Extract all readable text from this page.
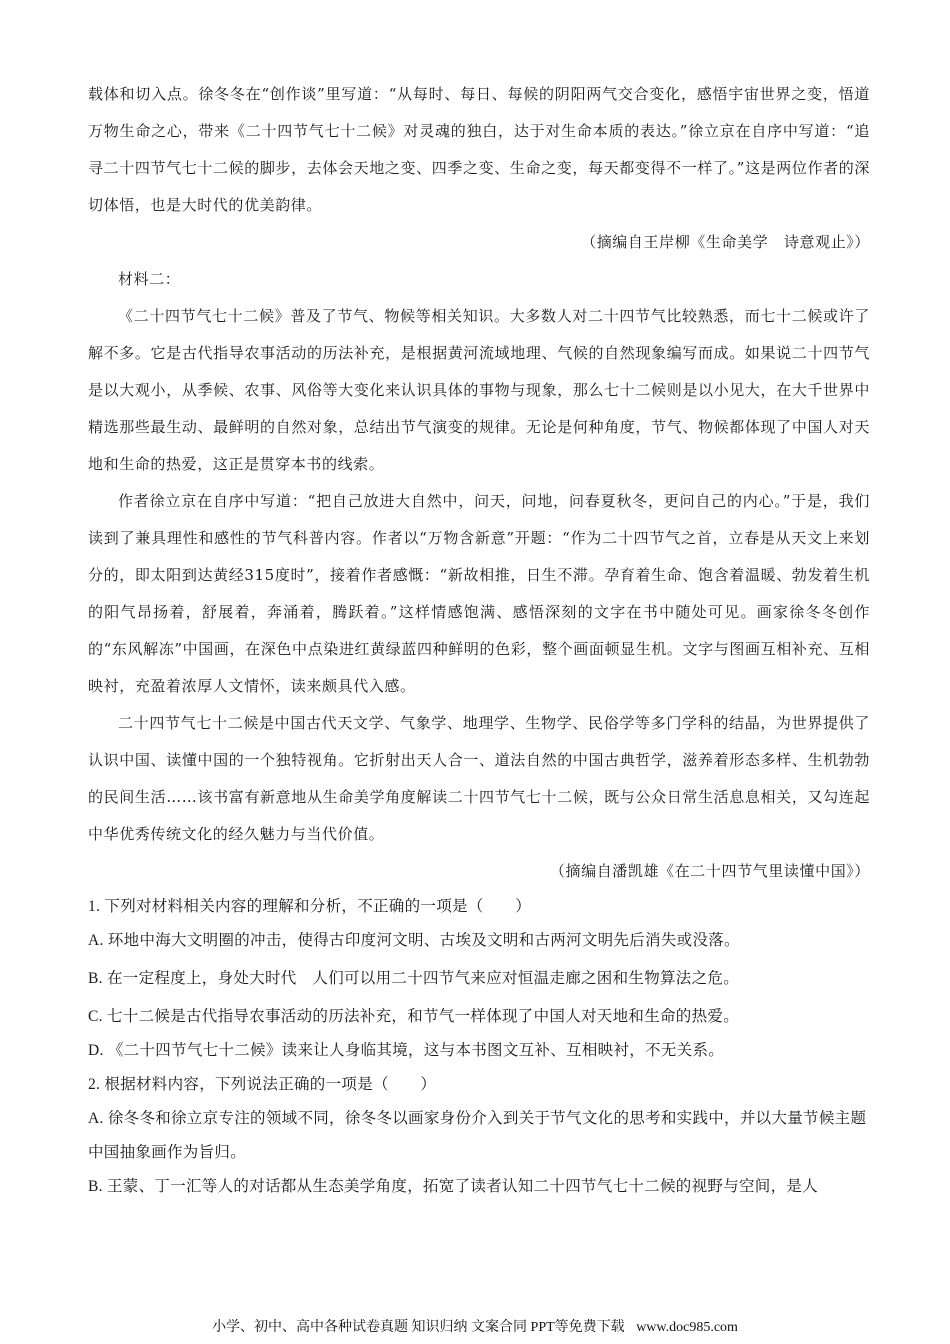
载体和切入点。徐冬冬在“创作谈”里写道：“从每时、每日、每候的阴阳两气交合变化，感悟宇宙世界之变，悟道万物生命之心，带来《二十四节气七十二候》对灵魂的独白，达于对生命本质的表达。”徐立京在自序中写道：“追寻二十四节气七十二候的脚步，去体会天地之变、四季之变、生命之变，每天都变得不一样了。”这是两位作者的深切体悟，也是大时代的优美韵律。

（摘编自王岸柳《生命美学　诗意观止》）

材料二：

《二十四节气七十二候》普及了节气、物候等相关知识。大多数人对二十四节气比较熟悉，而七十二候或许了解不多。它是古代指导农事活动的历法补充，是根据黄河流域地理、气候的自然现象编写而成。如果说二十四节气是以大观小，从季候、农事、风俗等大变化来认识具体的事物与现象，那么七十二候则是以小见大，在大千世界中精选那些最生动、最鲜明的自然对象，总结出节气演变的规律。无论是何种角度，节气、物候都体现了中国人对天地和生命的热爱，这正是贯穿本书的线索。

作者徐立京在自序中写道：“把自己放进大自然中，问天，问地，问春夏秋冬，更问自己的内心。”于是，我们读到了兼具理性和感性的节气科普内容。作者以“万物含新意”开题：“作为二十四节气之首，立春是从天文上来划分的，即太阳到达黄经315度时”，接着作者感慨：“新故相推，日生不滞。孕育着生命、饱含着温暖、勃发着生机的阳气昂扬着，舒展着，奔涌着，腾跃着。”这样情感饱满、感悟深刻的文字在书中随处可见。画家徐冬冬创作的“东风解冻”中国画，在深色中点染进红黄绿蓝四种鲜明的色彩，整个画面顿显生机。文字与图画互相补充、互相映衬，充盈着浓厚人文情怀，读来颇具代入感。

二十四节气七十二候是中国古代天文学、气象学、地理学、生物学、民俗学等多门学科的结晶，为世界提供了认识中国、读懂中国的一个独特视角。它折射出天人合一、道法自然的中国古典哲学，滋养着形态多样、生机勃勃的民间生活……该书富有新意地从生命美学角度解读二十四节气七十二候，既与公众日常生活息息相关，又勾连起中华优秀传统文化的经久魅力与当代价值。

（摘编自潘凯雄《在二十四节气里读懂中国》）

1. 下列对材料相关内容的理解和分析，不正确的一项是（　　）

A. 环地中海大文明圈的冲击，使得古印度河文明、古埃及文明和古两河文明先后消失或没落。

B. 在一定程度上，身处大时代　人们可以用二十四节气来应对恒温走廊之困和生物算法之危。

C. 七十二候是古代指导农事活动的历法补充，和节气一样体现了中国人对天地和生命的热爱。

D. 《二十四节气七十二候》读来让人身临其境，这与本书图文互补、互相映衬，不无关系。

2. 根据材料内容，下列说法正确的一项是（　　）

A. 徐冬冬和徐立京专注的领域不同，徐冬冬以画家身份介入到关于节气文化的思考和实践中，并以大量节候主题中国抽象画作为旨归。

B. 王蒙、丁一汇等人的对话都从生态美学角度，拓宽了读者认知二十四节气七十二候的视野与空间，是人

小学、初中、高中各种试卷真题 知识归纳 文案合同 PPT等免费下载 www.doc985.com
